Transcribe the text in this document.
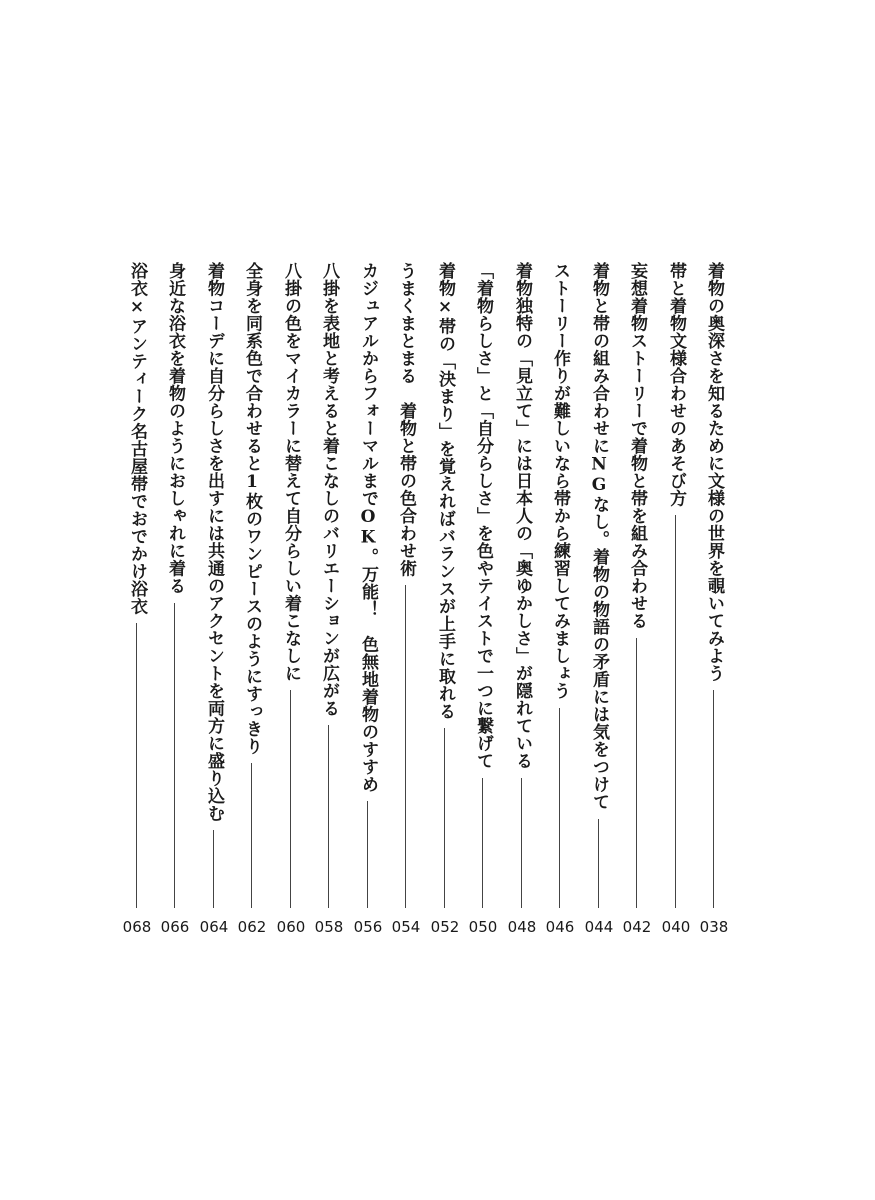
着物の奥深さを知るために文様の世界を覗いてみよう
038
帯と着物文様合わせのあそび方
040
妄想着物ストーリーで着物と帯を組み合わせる
042
着物と帯の組み合わせにNGなし。着物の物語の矛盾には気をつけて
044
ストーリー作りが難しいなら帯から練習してみましょう
046
着物独特の「見立て」には日本人の「奥ゆかしさ」が隠れている
048
「着物らしさ」と「自分らしさ」を色やテイストで一つに繋げて
050
着物×帯の「決まり」を覚えればバランスが上手に取れる
052
うまくまとまる　着物と帯の色合わせ術
054
カジュアルからフォーマルまでOK。万能！　色無地着物のすすめ
056
八掛を表地と考えると着こなしのバリエーションが広がる
058
八掛の色をマイカラーに替えて自分らしい着こなしに
060
全身を同系色で合わせると1枚のワンピースのようにすっきり
062
着物コーデに自分らしさを出すには共通のアクセントを両方に盛り込む
064
身近な浴衣を着物のようにおしゃれに着る
066
浴衣×アンティーク名古屋帯でおでかけ浴衣
068
